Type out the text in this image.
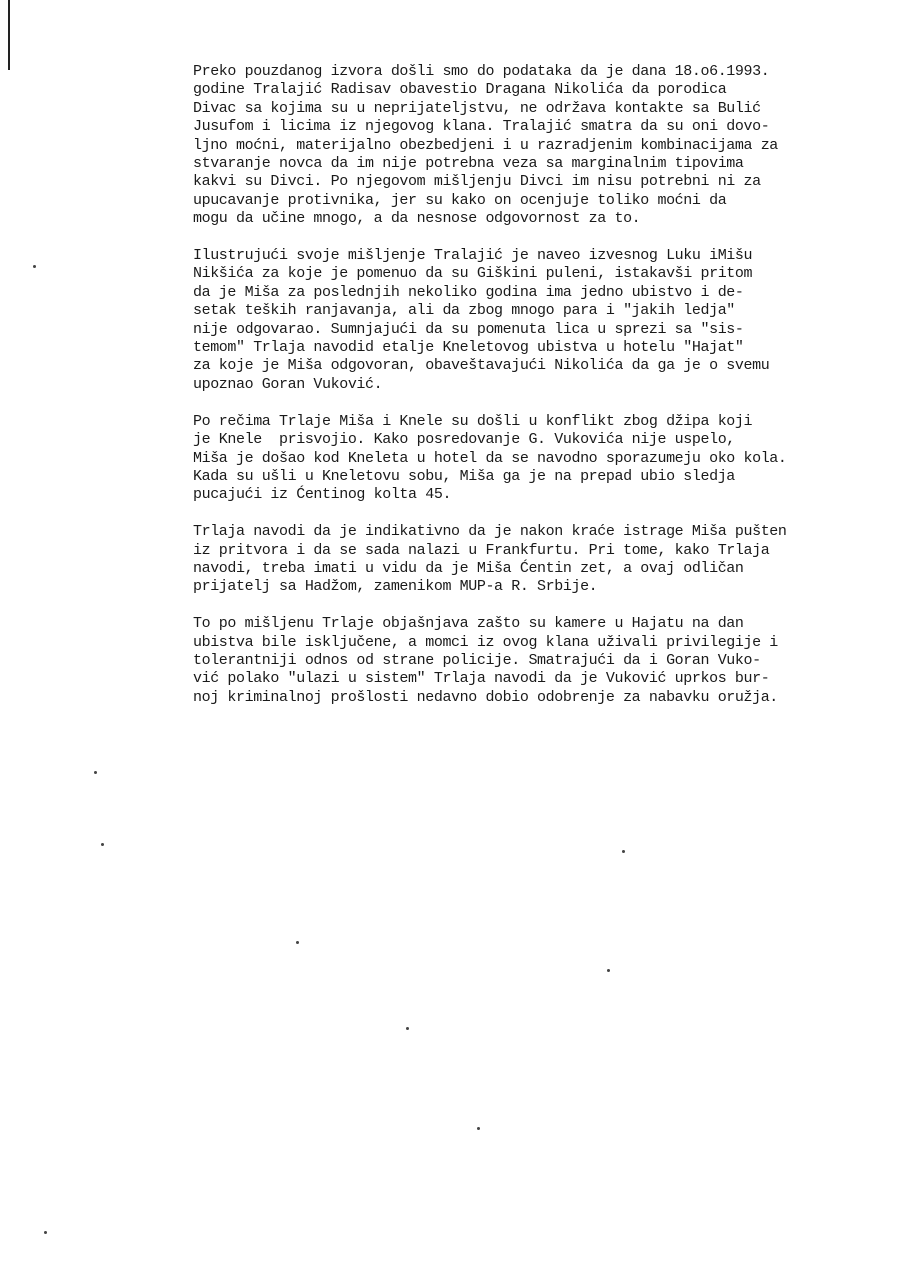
Preko pouzdanog izvora došli smo do podataka da je dana 18.o6.1993.
godine Tralajić Radisav obavestio Dragana Nikolića da porodica
Divac sa kojima su u neprijateljstvu, ne održava kontakte sa Bulić
Jusufom i licima iz njegovog klana. Tralajić smatra da su oni dovo-
ljno moćni, materijalno obezbedjeni i u razradjenim kombinacijama za
stvaranje novca da im nije potrebna veza sa marginalnim tipovima
kakvi su Divci. Po njegovom mišljenju Divci im nisu potrebni ni za
upucavanje protivnika, jer su kako on ocenjuje toliko moćni da
mogu da učine mnogo, a da nesnose odgovornost za to.
Ilustrujući svoje mišljenje Tralajić je naveo izvesnog Luku iMišu
Nikšića za koje je pomenuo da su Giškini puleni, istakavši pritom
da je Miša za poslednjih nekoliko godina ima jedno ubistvo i de-
setak teških ranjavanja, ali da zbog mnogo para i "jakih ledja"
nije odgovarao. Sumnjajući da su pomenuta lica u sprezi sa "sis-
temom" Trlaja navodid etalje Kneletovog ubistva u hotelu "Hajat"
za koje je Miša odgovoran, obaveštavajući Nikolića da ga je o svemu
upoznao Goran Vuković.
Po rečima Trlaje Miša i Knele su došli u konflikt zbog džipa koji
je Knele  prisvojio. Kako posredovanje G. Vukovića nije uspelo,
Miša je došao kod Kneleta u hotel da se navodno sporazumeju oko kola.
Kada su ušli u Kneletovu sobu, Miša ga je na prepad ubio sledja
pucajući iz Ćentinog kolta 45.
Trlaja navodi da je indikativno da je nakon kraće istrage Miša pušten
iz pritvora i da se sada nalazi u Frankfurtu. Pri tome, kako Trlaja
navodi, treba imati u vidu da je Miša Ćentin zet, a ovaj odličan
prijatelj sa Hadžom, zamenikom MUP-a R. Srbije.
To po mišljenu Trlaje objašnjava zašto su kamere u Hajatu na dan
ubistva bile isključene, a momci iz ovog klana uživali privilegije i
tolerantniji odnos od strane policije. Smatrajući da i Goran Vuko-
vić polako "ulazi u sistem" Trlaja navodi da je Vuković uprkos bur-
noj kriminalnoj prošlosti nedavno dobio odobrenje za nabavku oružja.
